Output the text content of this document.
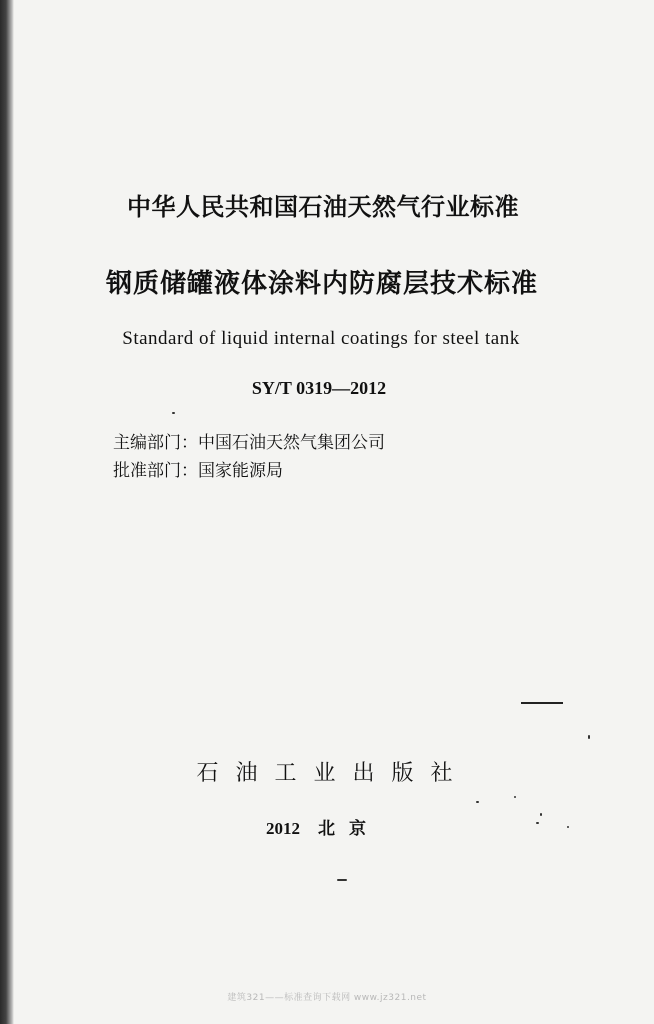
中华人民共和国石油天然气行业标准
钢质储罐液体涂料内防腐层技术标准
Standard of liquid internal coatings for steel tank
SY/T 0319—2012
主编部门：中国石油天然气集团公司
批准部门：国家能源局
石油工业出版社
2012 北京
建筑321——标准查询下载网 www.jz321.net
